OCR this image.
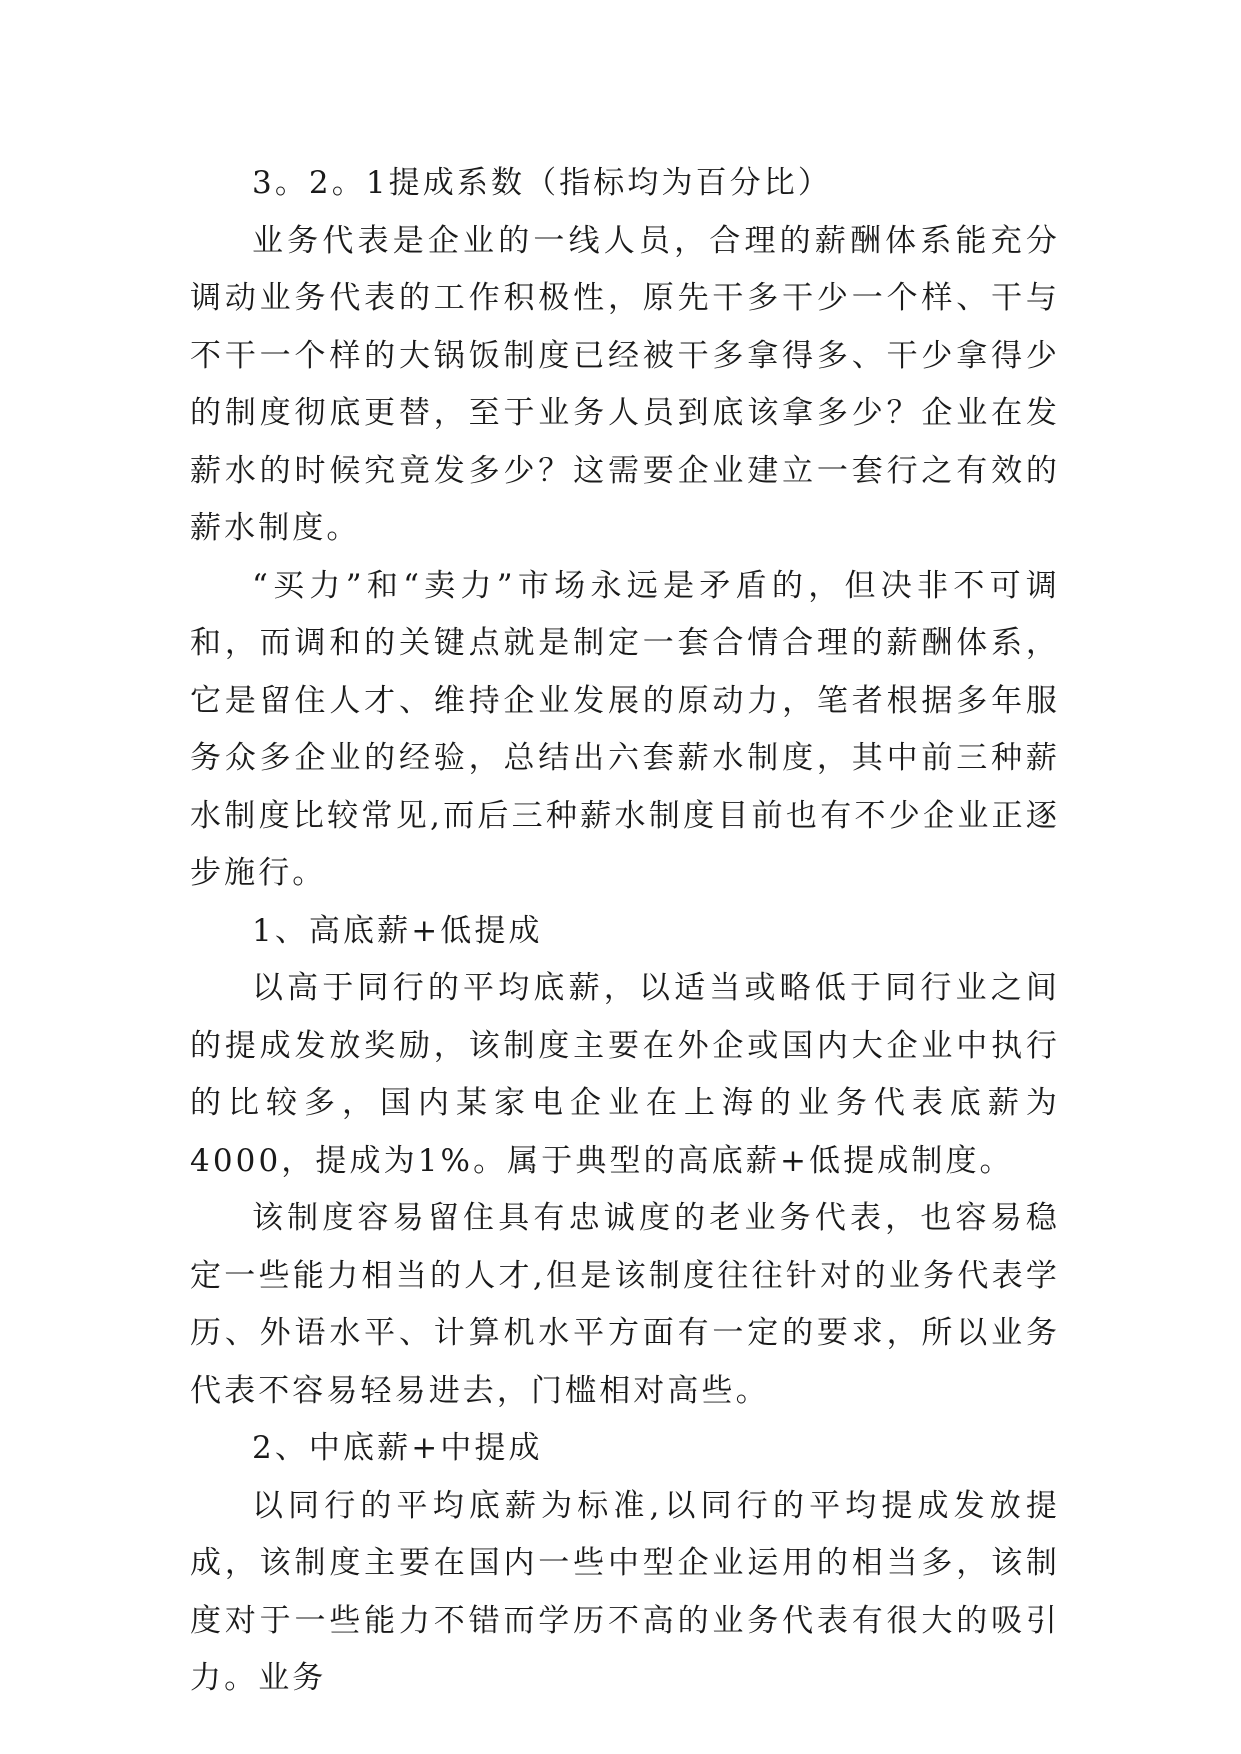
3。2。1提成系数（指标均为百分比）

业务代表是企业的一线人员，合理的薪酬体系能充分调动业务代表的工作积极性，原先干多干少一个样、干与不干一个样的大锅饭制度已经被干多拿得多、干少拿得少的制度彻底更替，至于业务人员到底该拿多少？企业在发薪水的时候究竟发多少？这需要企业建立一套行之有效的薪水制度。

“买力”和“卖力”市场永远是矛盾的，但决非不可调和，而调和的关键点就是制定一套合情合理的薪酬体系，它是留住人才、维持企业发展的原动力，笔者根据多年服务众多企业的经验，总结出六套薪水制度，其中前三种薪水制度比较常见,而后三种薪水制度目前也有不少企业正逐步施行。

1、高底薪+低提成

以高于同行的平均底薪，以适当或略低于同行业之间的提成发放奖励，该制度主要在外企或国内大企业中执行的比较多，国内某家电企业在上海的业务代表底薪为4000，提成为1%。属于典型的高底薪+低提成制度。

该制度容易留住具有忠诚度的老业务代表，也容易稳定一些能力相当的人才,但是该制度往往针对的业务代表学历、外语水平、计算机水平方面有一定的要求，所以业务代表不容易轻易进去，门槛相对高些。

2、中底薪+中提成

以同行的平均底薪为标准,以同行的平均提成发放提成，该制度主要在国内一些中型企业运用的相当多，该制度对于一些能力不错而学历不高的业务代表有很大的吸引力。业务
